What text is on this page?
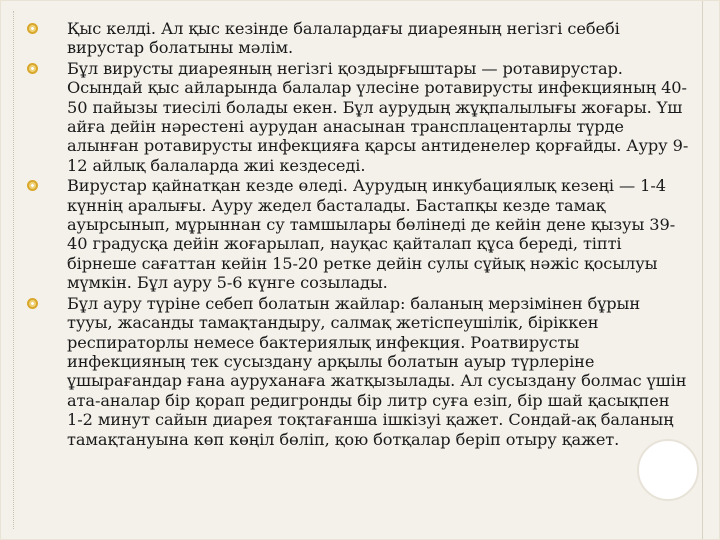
Қыс келді. Ал қыс кезінде балалардағы диареяның негізгі себебі вирустар болатыны мәлім.
Бұл вирусты диареяның негізгі қоздырғыштары — ротавирустар. Осындай қыс айларында балалар үлесіне ротавирусты инфекцияның 40-50 пайызы тиесілі болады екен. Бұл аурудың жұқпалылығы жоғары. Үш айға дейін нәрестені аурудан анасынан трансплацентарлы түрде алынған ротавирусты инфекцияға қарсы антиденелер қорғайды. Ауру 9-12 айлық балаларда жиі кездеседі.
Вирустар қайнатқан кезде өледі. Аурудың инкубациялық кезеңі — 1-4 күннің аралығы. Ауру жедел басталады. Бастапқы кезде тамақ ауырсынып, мұрыннан су тамшылары бөлінеді де кейін дене қызуы 39-40 градусқа дейін жоғарылап, науқас қайталап құса береді, тіпті бірнеше сағаттан кейін 15-20 ретке дейін сулы сұйық нәжіс қосылуы мүмкін. Бұл ауру 5-6 күнге созылады.
Бұл ауру түріне себеп болатын жайлар: баланың мерзімінен бұрын тууы, жасанды тамақтандыру, салмақ жетіспеушілік, біріккен респираторлы немесе бактериялық инфекция. Роатвирусты инфекцияның тек сусыздану арқылы болатын ауыр түрлеріне ұшырағандар ғана ауруханаға жатқызылады. Ал сусыздану болмас үшін ата-аналар бір қорап редигронды бір литр суға езіп, бір шай қасықпен 1-2 минут сайын диарея тоқтағанша ішкізуі қажет. Сондай-ақ баланың тамақтануына көп көңіл бөліп, қою ботқалар беріп отыру қажет.
